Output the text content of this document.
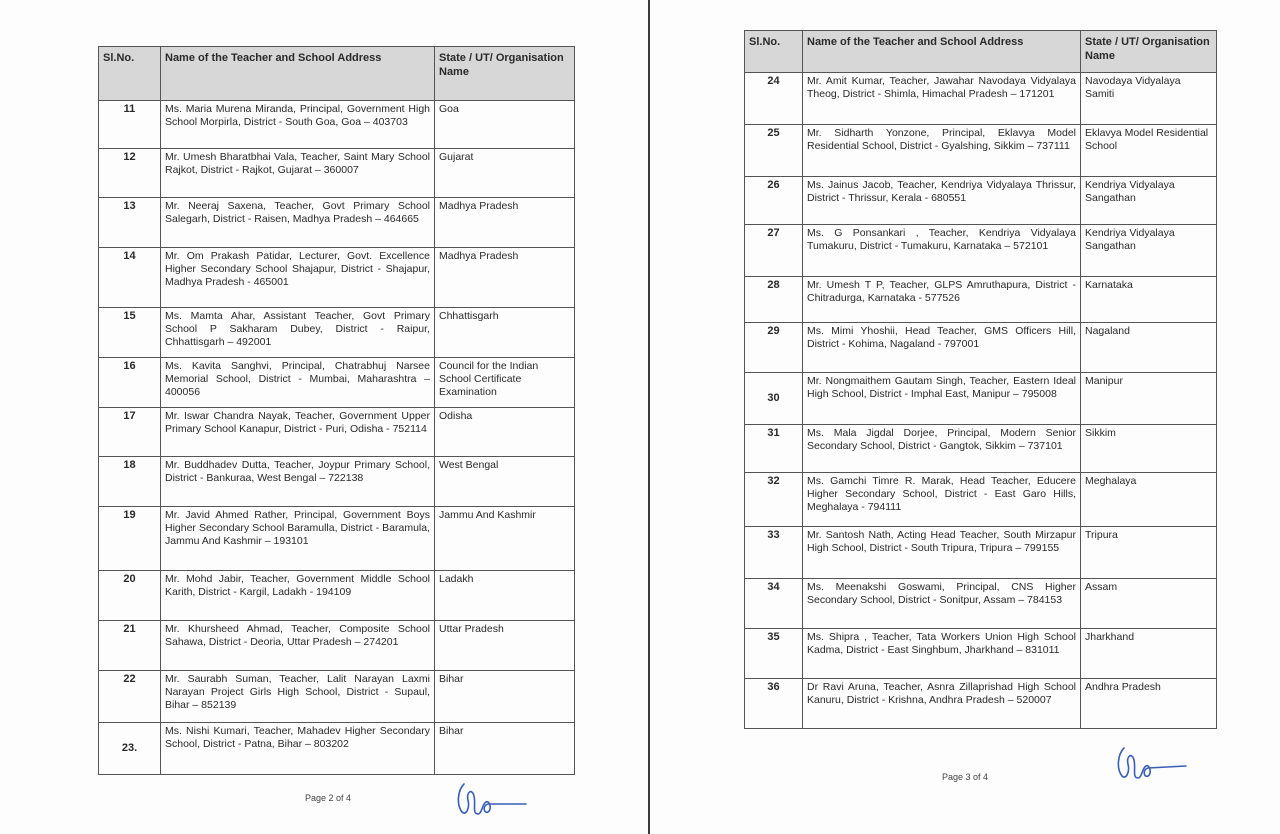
Sl.No.	Name of the Teacher and School Address	State / UT/ Organisation Name
11	Ms. Maria Murena Miranda, Principal, Government High School Morpirla, District - South Goa, Goa – 403703	Goa
12	Mr. Umesh Bharatbhai Vala, Teacher, Saint Mary School Rajkot, District - Rajkot, Gujarat – 360007	Gujarat
13	Mr. Neeraj Saxena, Teacher, Govt Primary School Salegarh, District - Raisen, Madhya Pradesh – 464665	Madhya Pradesh
14	Mr. Om Prakash Patidar, Lecturer, Govt. Excellence Higher Secondary School Shajapur, District - Shajapur, Madhya Pradesh - 465001	Madhya Pradesh
15	Ms. Mamta Ahar, Assistant Teacher, Govt Primary School P Sakharam Dubey, District - Raipur, Chhattisgarh – 492001	Chhattisgarh
16	Ms. Kavita Sanghvi, Principal, Chatrabhuj Narsee Memorial School, District - Mumbai, Maharashtra – 400056	Council for the Indian School Certificate Examination
17	Mr. Iswar Chandra Nayak, Teacher, Government Upper Primary School Kanapur, District - Puri, Odisha - 752114	Odisha
18	Mr. Buddhadev Dutta, Teacher, Joypur Primary School, District - Bankuraa, West Bengal – 722138	West Bengal
19	Mr. Javid Ahmed Rather, Principal, Government Boys Higher Secondary School Baramulla, District - Baramula, Jammu And Kashmir – 193101	Jammu And Kashmir
20	Mr. Mohd Jabir, Teacher, Government Middle School Karith, District - Kargil, Ladakh - 194109	Ladakh
21	Mr. Khursheed Ahmad, Teacher, Composite School Sahawa, District - Deoria, Uttar Pradesh – 274201	Uttar Pradesh
22	Mr. Saurabh Suman, Teacher, Lalit Narayan Laxmi Narayan Project Girls High School, District - Supaul, Bihar – 852139	Bihar
23.	Ms. Nishi Kumari, Teacher, Mahadev Higher Secondary School, District - Patna, Bihar – 803202	Bihar
Page 2 of 4
Sl.No.	Name of the Teacher and School Address	State / UT/ Organisation Name
24	Mr. Amit Kumar, Teacher, Jawahar Navodaya Vidyalaya Theog, District - Shimla, Himachal Pradesh – 171201	Navodaya Vidyalaya Samiti
25	Mr. Sidharth Yonzone, Principal, Eklavya Model Residential School, District - Gyalshing, Sikkim – 737111	Eklavya Model Residential School
26	Ms. Jainus Jacob, Teacher, Kendriya Vidyalaya Thrissur, District - Thrissur, Kerala - 680551	Kendriya Vidyalaya Sangathan
27	Ms. G Ponsankari , Teacher, Kendriya Vidyalaya Tumakuru, District - Tumakuru, Karnataka – 572101	Kendriya Vidyalaya Sangathan
28	Mr. Umesh T P, Teacher, GLPS Amruthapura, District - Chitradurga, Karnataka - 577526	Karnataka
29	Ms. Mimi Yhoshii, Head Teacher, GMS Officers Hill, District - Kohima, Nagaland - 797001	Nagaland
30	Mr. Nongmaithem Gautam Singh, Teacher, Eastern Ideal High School, District - Imphal East, Manipur – 795008	Manipur
31	Ms. Mala Jigdal Dorjee, Principal, Modern Senior Secondary School, District - Gangtok, Sikkim – 737101	Sikkim
32	Ms. Gamchi Timre R. Marak, Head Teacher, Educere Higher Secondary School, District - East Garo Hills, Meghalaya - 794111	Meghalaya
33	Mr. Santosh Nath, Acting Head Teacher, South Mirzapur High School, District - South Tripura, Tripura – 799155	Tripura
34	Ms. Meenakshi Goswami, Principal, CNS Higher Secondary School, District - Sonitpur, Assam – 784153	Assam
35	Ms. Shipra , Teacher, Tata Workers Union High School Kadma, District - East Singhbum, Jharkhand – 831011	Jharkhand
36	Dr Ravi Aruna, Teacher, Asnra Zillaprishad High School Kanuru, District - Krishna, Andhra Pradesh – 520007	Andhra Pradesh
Page 3 of 4
